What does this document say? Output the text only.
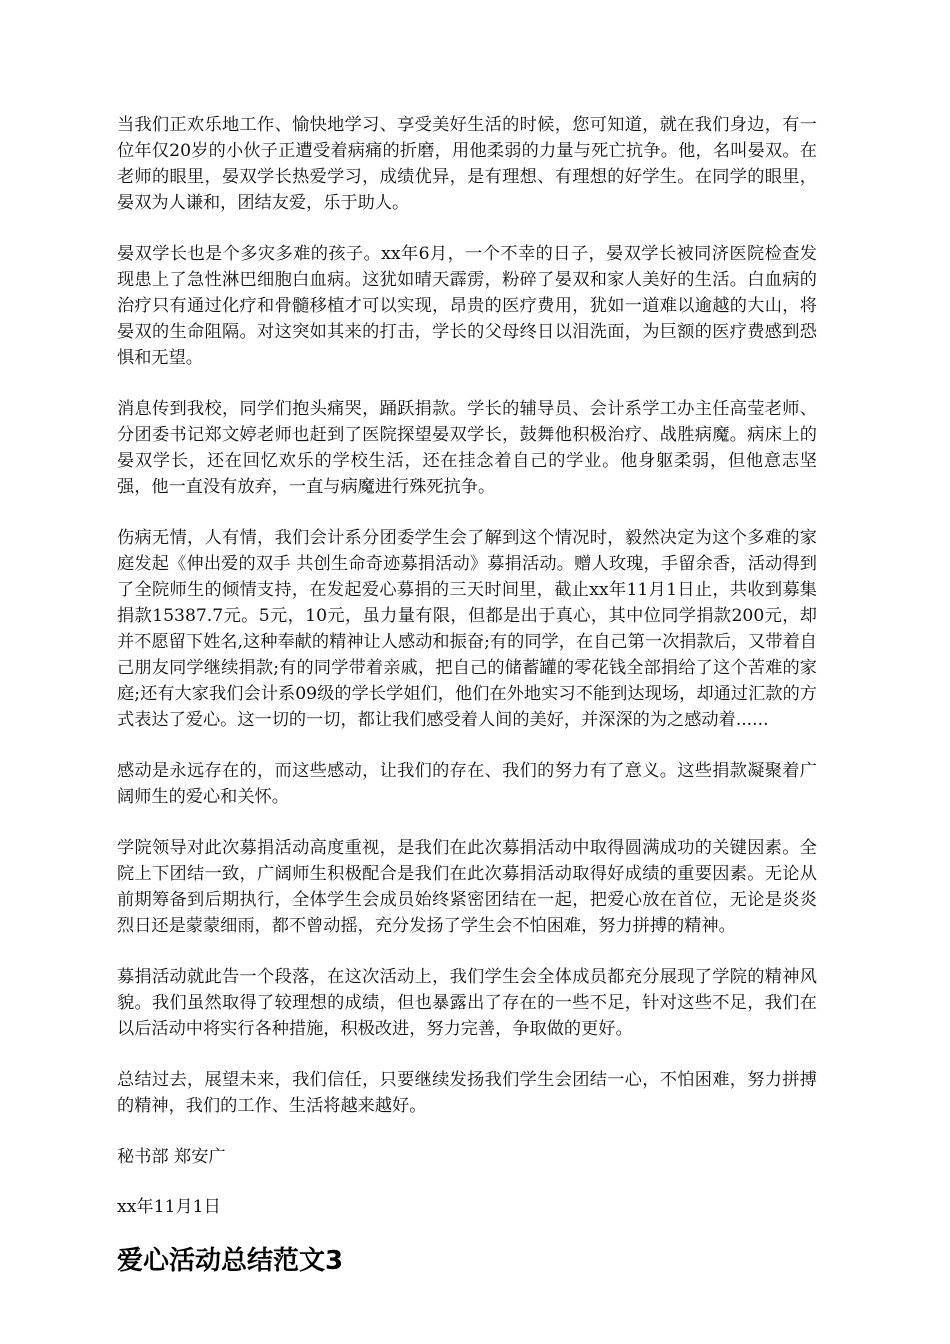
当我们正欢乐地工作、愉快地学习、享受美好生活的时候，您可知道，就在我们身边，有一位年仅20岁的小伙子正遭受着病痛的折磨，用他柔弱的力量与死亡抗争。他，名叫晏双。在老师的眼里，晏双学长热爱学习，成绩优异，是有理想、有理想的好学生。在同学的眼里，晏双为人谦和，团结友爱，乐于助人。

晏双学长也是个多灾多难的孩子。xx年6月，一个不幸的日子，晏双学长被同济医院检查发现患上了急性淋巴细胞白血病。这犹如晴天霹雳，粉碎了晏双和家人美好的生活。白血病的治疗只有通过化疗和骨髓移植才可以实现，昂贵的医疗费用，犹如一道难以逾越的大山，将晏双的生命阻隔。对这突如其来的打击，学长的父母终日以泪洗面，为巨额的医疗费感到恐惧和无望。

消息传到我校，同学们抱头痛哭，踊跃捐款。学长的辅导员、会计系学工办主任高莹老师、分团委书记郑文婷老师也赶到了医院探望晏双学长，鼓舞他积极治疗、战胜病魔。病床上的晏双学长，还在回忆欢乐的学校生活，还在挂念着自己的学业。他身躯柔弱，但他意志坚强，他一直没有放弃，一直与病魔进行殊死抗争。

伤病无情，人有情，我们会计系分团委学生会了解到这个情况时，毅然决定为这个多难的家庭发起《伸出爱的双手 共创生命奇迹募捐活动》募捐活动。赠人玫瑰，手留余香，活动得到了全院师生的倾情支持，在发起爱心募捐的三天时间里，截止xx年11月1日止，共收到募集捐款15387.7元。5元，10元，虽力量有限，但都是出于真心，其中位同学捐款200元，却并不愿留下姓名,这种奉献的精神让人感动和振奋;有的同学，在自己第一次捐款后，又带着自己朋友同学继续捐款;有的同学带着亲戚，把自己的储蓄罐的零花钱全部捐给了这个苦难的家庭;还有大家我们会计系09级的学长学姐们，他们在外地实习不能到达现场，却通过汇款的方式表达了爱心。这一切的一切，都让我们感受着人间的美好，并深深的为之感动着......

感动是永远存在的，而这些感动，让我们的存在、我们的努力有了意义。这些捐款凝聚着广阔师生的爱心和关怀。

学院领导对此次募捐活动高度重视，是我们在此次募捐活动中取得圆满成功的关键因素。全院上下团结一致，广阔师生积极配合是我们在此次募捐活动取得好成绩的重要因素。无论从前期筹备到后期执行，全体学生会成员始终紧密团结在一起，把爱心放在首位，无论是炎炎烈日还是蒙蒙细雨，都不曾动摇，充分发扬了学生会不怕困难，努力拼搏的精神。

募捐活动就此告一个段落，在这次活动上，我们学生会全体成员都充分展现了学院的精神风貌。我们虽然取得了较理想的成绩，但也暴露出了存在的一些不足，针对这些不足，我们在以后活动中将实行各种措施，积极改进，努力完善，争取做的更好。

总结过去，展望未来，我们信任，只要继续发扬我们学生会团结一心，不怕困难，努力拼搏的精神，我们的工作、生活将越来越好。

秘书部 郑安广

xx年11月1日

爱心活动总结范文3
